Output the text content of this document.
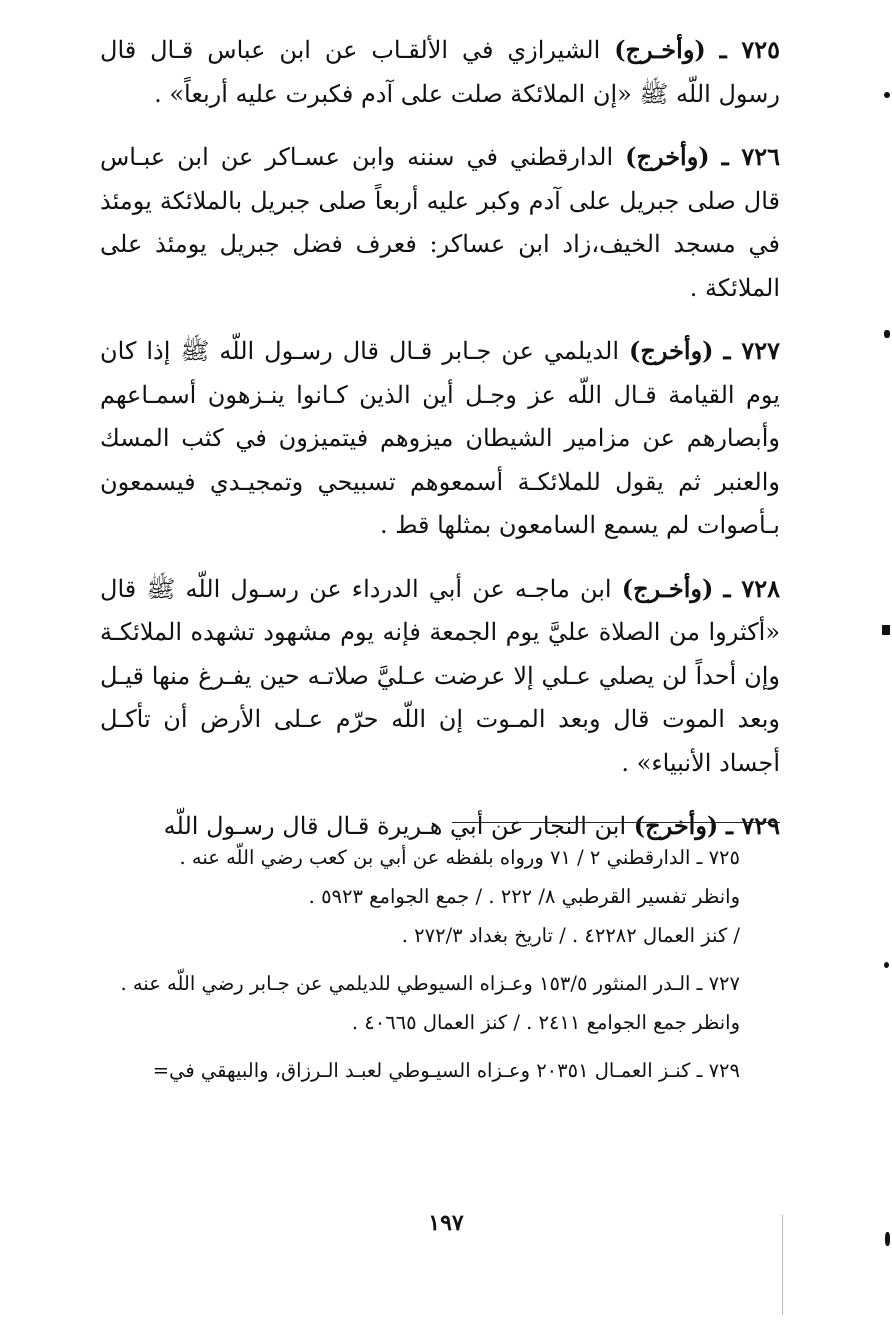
٧٢٥ ـ (وأخـرج) الشيرازي في الألقـاب عن ابن عباس قـال قال رسول اللّه ﷺ «إن الملائكة صلت على آدم فكبرت عليه أربعاً» .

٧٢٦ ـ (وأخرج) الدارقطني في سننه وابن عسـاكر عن ابن عبـاس قال صلى جبريل على آدم وكبر عليه أربعاً صلى جبريل بالملائكة يومئذ في مسجد الخيف،زاد ابن عساكر: فعرف فضل جبريل يومئذ على الملائكة .

٧٢٧ ـ (وأخرج) الديلمي عن جـابر قـال قال رسـول اللّه ﷺ إذا كان يوم القيامة قـال اللّه عز وجـل أين الذين كـانوا ينـزهون أسمـاعهم وأبصارهم عن مزامير الشيطان ميزوهم فيتميزون في كثب المسك والعنبر ثم يقول للملائكـة أسمعوهم تسبيحي وتمجيـدي فيسمعون بـأصوات لم يسمع السامعون بمثلها قط .

٧٢٨ ـ (وأخـرج) ابن ماجـه عن أبي الدرداء عن رسـول اللّه ﷺ قال «أكثروا من الصلاة عليَّ يوم الجمعة فإنه يوم مشهود تشهده الملائكـة وإن أحداً لن يصلي عـلي إلا عرضت عـليَّ صلاتـه حين يفـرغ منها قيـل وبعد الموت قال وبعد المـوت إن اللّه حرّم عـلى الأرض أن تأكـل أجساد الأنبياء» .

٧٢٩ ـ (وأخرج) ابن النجار عن أبي هـريرة قـال قال رسـول اللّه

٧٢٥ ـ الدارقطني ٢ / ٧١ ورواه بلفظه عن أبي بن كعب رضي اللّه عنه .
وانظر تفسير القرطبي ٨/ ٢٢٢ . / جمع الجوامع ٥٩٢٣ .
/ كنز العمال ٤٢٢٨٢ . / تاريخ بغداد ٢٧٢/٣ .
٧٢٧ ـ الـدر المنثور ١٥٣/٥ وعـزاه السيوطي للديلمي عن جـابر رضي اللّه عنه .
وانظر جمع الجوامع ٢٤١١ . / كنز العمال ٤٠٦٦٥ .
٧٢٩ ـ كنـز العمـال ٢٠٣٥١ وعـزاه السيـوطي لعبـد الـرزاق، والبيهقي في=
١٩٧
